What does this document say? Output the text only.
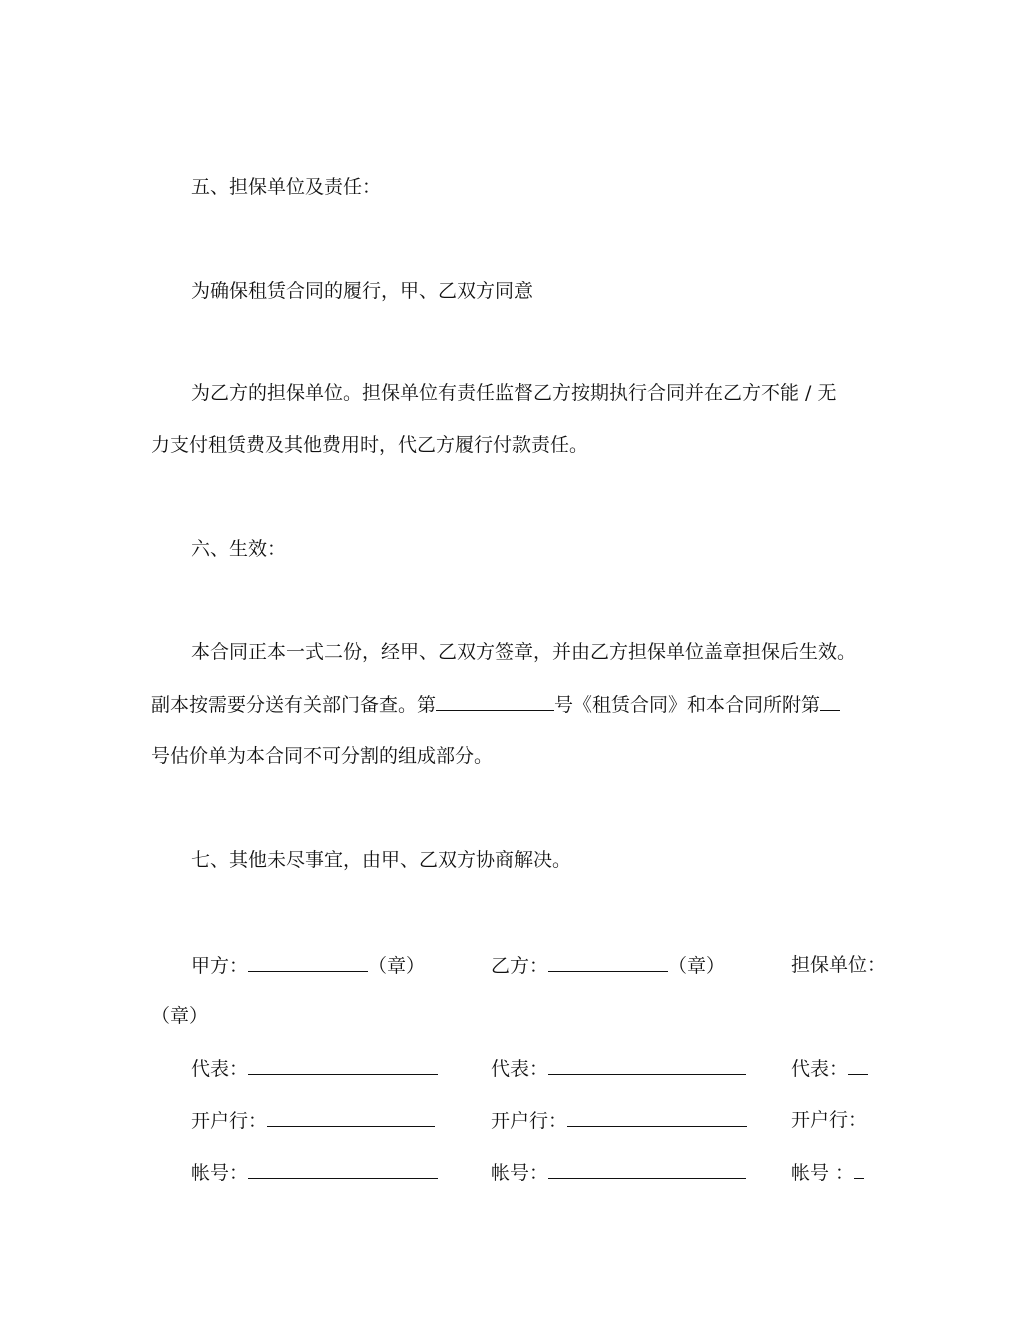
五、担保单位及责任：
为确保租赁合同的履行，甲、乙双方同意
为乙方的担保单位。担保单位有责任监督乙方按期执行合同并在乙方不能 / 无
力支付租赁费及其他费用时，代乙方履行付款责任。
六、生效：
本合同正本一式二份，经甲、乙双方签章，并由乙方担保单位盖章担保后生效。
副本按需要分送有关部门备查。第	号《租赁合同》和本合同所附第
号估价单为本合同不可分割的组成部分。
七、其他未尽事宜，由甲、乙双方协商解决。
甲方：	（章）	乙方：	（章）	担保单位：
（章）
代表：	代表：	代表：
开户行：	开户行：	开户行：
帐号：	帐号：	帐号 ：
